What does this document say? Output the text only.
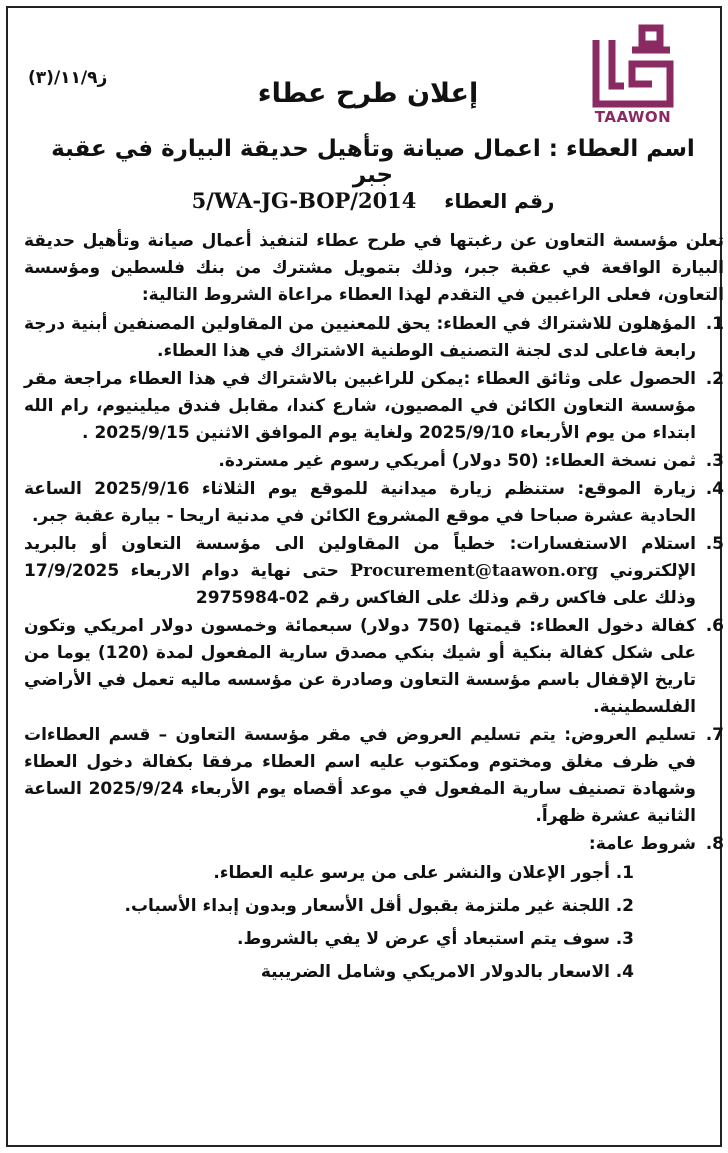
TAAWON
ز١١/٩/(٣)	إعلان طرح عطاء
اسم العطاء : اعمال صيانة وتأهيل حديقة البيارة في عقبة جبر
رقم العطاء    5/WA-JG-BOP/2014
تعلن مؤسسة التعاون عن رغبتها في طرح عطاء لتنفيذ أعمال صيانة وتأهيل حديقة البيارة الواقعة في عقبة جبر، وذلك بتمويل مشترك من بنك فلسطين ومؤسسة التعاون، فعلى الراغبين في التقدم لهذا العطاء مراعاة الشروط التالية:
1.
المؤهلون للاشتراك في العطاء: يحق للمعنيين من المقاولين المصنفين أبنية درجة رابعة فاعلى لدى لجنة التصنيف الوطنية الاشتراك في هذا العطاء.
2.
الحصول على وثائق العطاء :يمكن للراغبين بالاشتراك في هذا العطاء مراجعة مقر مؤسسة التعاون الكائن في المصيون، شارع كندا، مقابل فندق ميلينيوم، رام الله ابتداء من يوم الأربعاء 2025/9/10 ولغاية يوم الموافق الاثنين 2025/9/15 .
3.
ثمن نسخة العطاء: (50 دولار) أمريكي رسوم غير مستردة.
4.
زيارة الموقع: ستنظم زيارة ميدانية للموقع يوم الثلاثاء 2025/9/16 الساعة الحادية عشرة صباحا في موقع المشروع الكائن في مدنية اريحا - بيارة عقبة جبر.
5.
استلام الاستفسارات: خطياً من المقاولين الى مؤسسة التعاون أو بالبريد الإلكتروني Procurement@taawon.org حتى نهاية دوام الاربعاء 17/9/2025 وذلك على فاكس رقم وذلك على الفاكس رقم 02-2975984
6.
كفالة دخول العطاء: قيمتها (750 دولار) سبعمائة وخمسون دولار امريكي وتكون على شكل كفالة بنكية أو شيك بنكي مصدق سارية المفعول لمدة (120) يوما من تاريخ الإقفال باسم مؤسسة التعاون وصادرة عن مؤسسه ماليه تعمل في الأراضي الفلسطينية.
7.
تسليم العروض: يتم تسليم العروض في مقر مؤسسة التعاون – قسم العطاءات في ظرف مغلق ومختوم ومكتوب عليه اسم العطاء مرفقا بكفالة دخول العطاء وشهادة تصنيف سارية المفعول في موعد أقصاه يوم الأربعاء 2025/9/24 الساعة الثانية عشرة ظهراً.
8.
شروط عامة:
1.
أجور الإعلان والنشر على من يرسو عليه العطاء.
2.
اللجنة غير ملتزمة بقبول أقل الأسعار وبدون إبداء الأسباب.
3.
سوف يتم استبعاد أي عرض لا يفي بالشروط.
4.
الاسعار بالدولار الامريكي وشامل الضريبية
